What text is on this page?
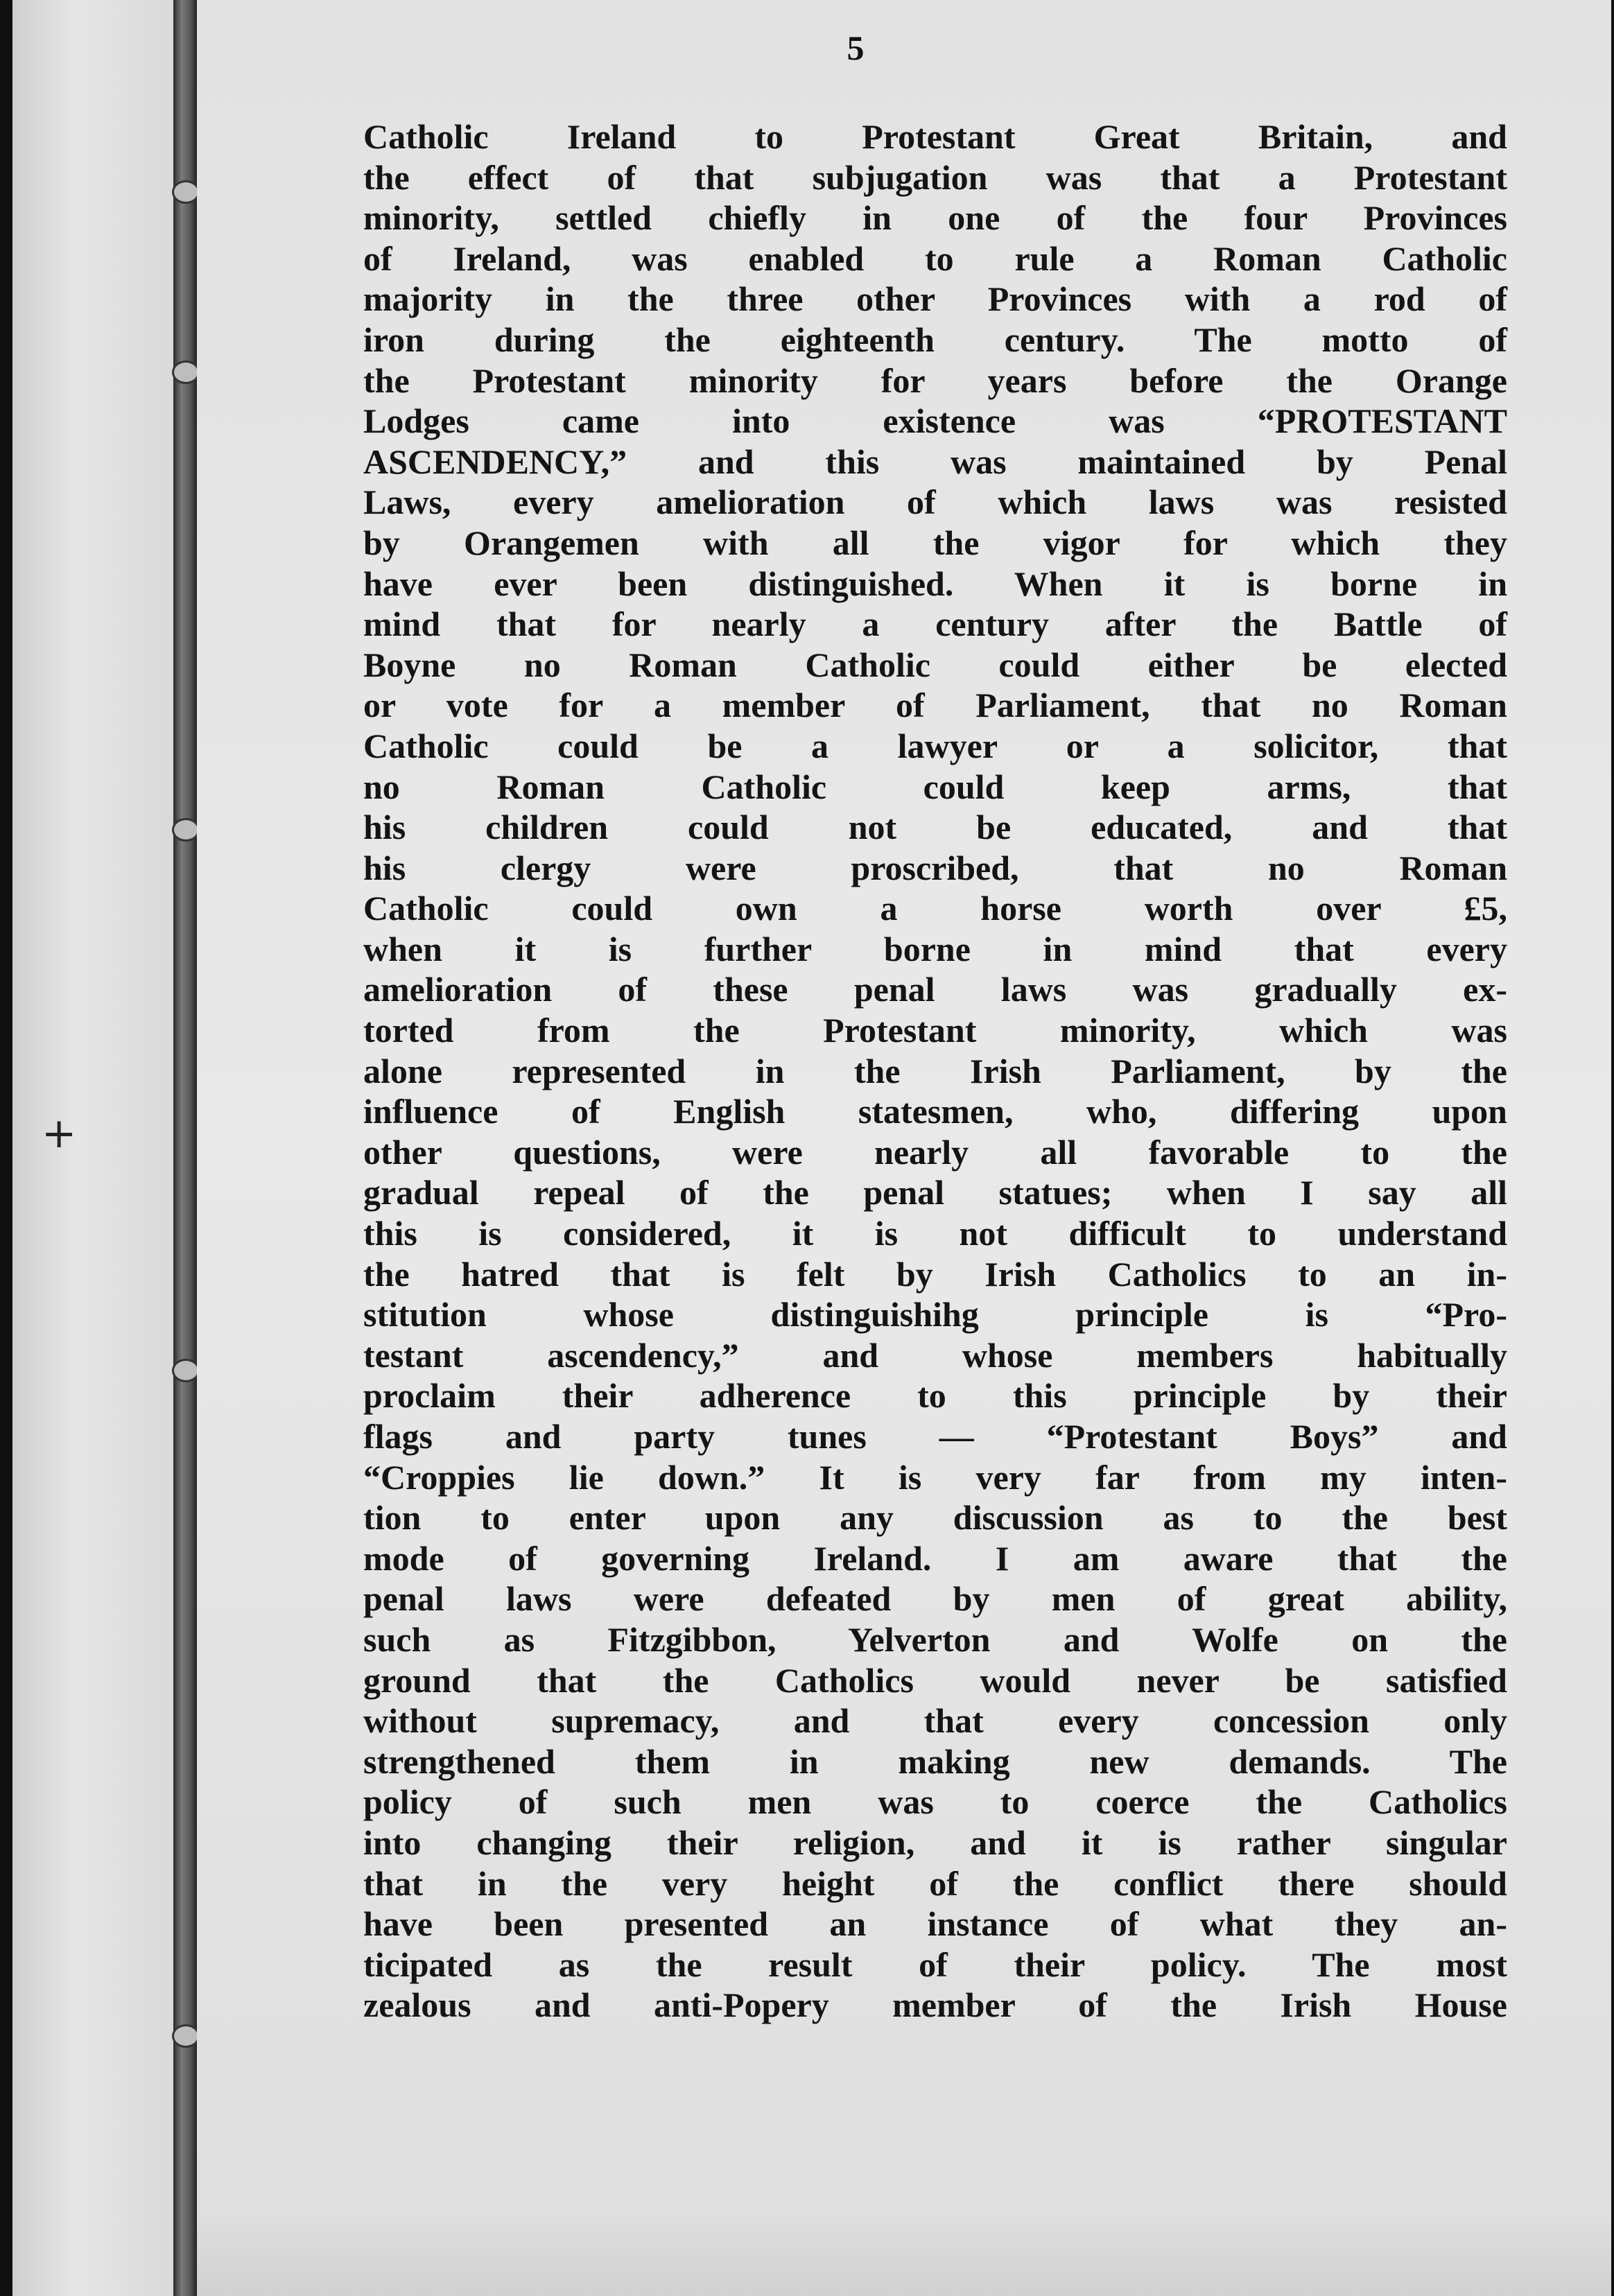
5
Catholic Ireland to Protestant Great Britain, and
the effect of that subjugation was that a Protestant
minority, settled chiefly in one of the four Provinces
of Ireland, was enabled to rule a Roman Catholic
majority in the three other Provinces with a rod of
iron during the eighteenth century. The motto of
the Protestant minority for years before the Orange
Lodges came into existence was “PROTESTANT
ASCENDENCY,” and this was maintained by Penal
Laws, every amelioration of which laws was resisted
by Orangemen with all the vigor for which they
have ever been distinguished. When it is borne in
mind that for nearly a century after the Battle of
Boyne no Roman Catholic could either be elected
or vote for a member of Parliament, that no Roman
Catholic could be a lawyer or a solicitor, that
no Roman Catholic could keep arms, that
his children could not be educated, and that
his clergy were proscribed, that no Roman
Catholic could own a horse worth over £5,
when it is further borne in mind that every
amelioration of these penal laws was gradually ex-
torted from the Protestant minority, which was
alone represented in the Irish Parliament, by the
influence of English statesmen, who, differing upon
other questions, were nearly all favorable to the
gradual repeal of the penal statues; when I say all
this is considered, it is not difficult to understand
the hatred that is felt by Irish Catholics to an in-
stitution whose distinguishihg principle is “Pro-
testant ascendency,” and whose members habitually
proclaim their adherence to this principle by their
flags and party tunes — “Protestant Boys” and
“Croppies lie down.” It is very far from my inten-
tion to enter upon any discussion as to the best
mode of governing Ireland. I am aware that the
penal laws were defeated by men of great ability,
such as Fitzgibbon, Yelverton and Wolfe on the
ground that the Catholics would never be satisfied
without supremacy, and that every concession only
strengthened them in making new demands. The
policy of such men was to coerce the Catholics
into changing their religion, and it is rather singular
that in the very height of the conflict there should
have been presented an instance of what they an-
ticipated as the result of their policy. The most
zealous and anti-Popery member of the Irish House
+
